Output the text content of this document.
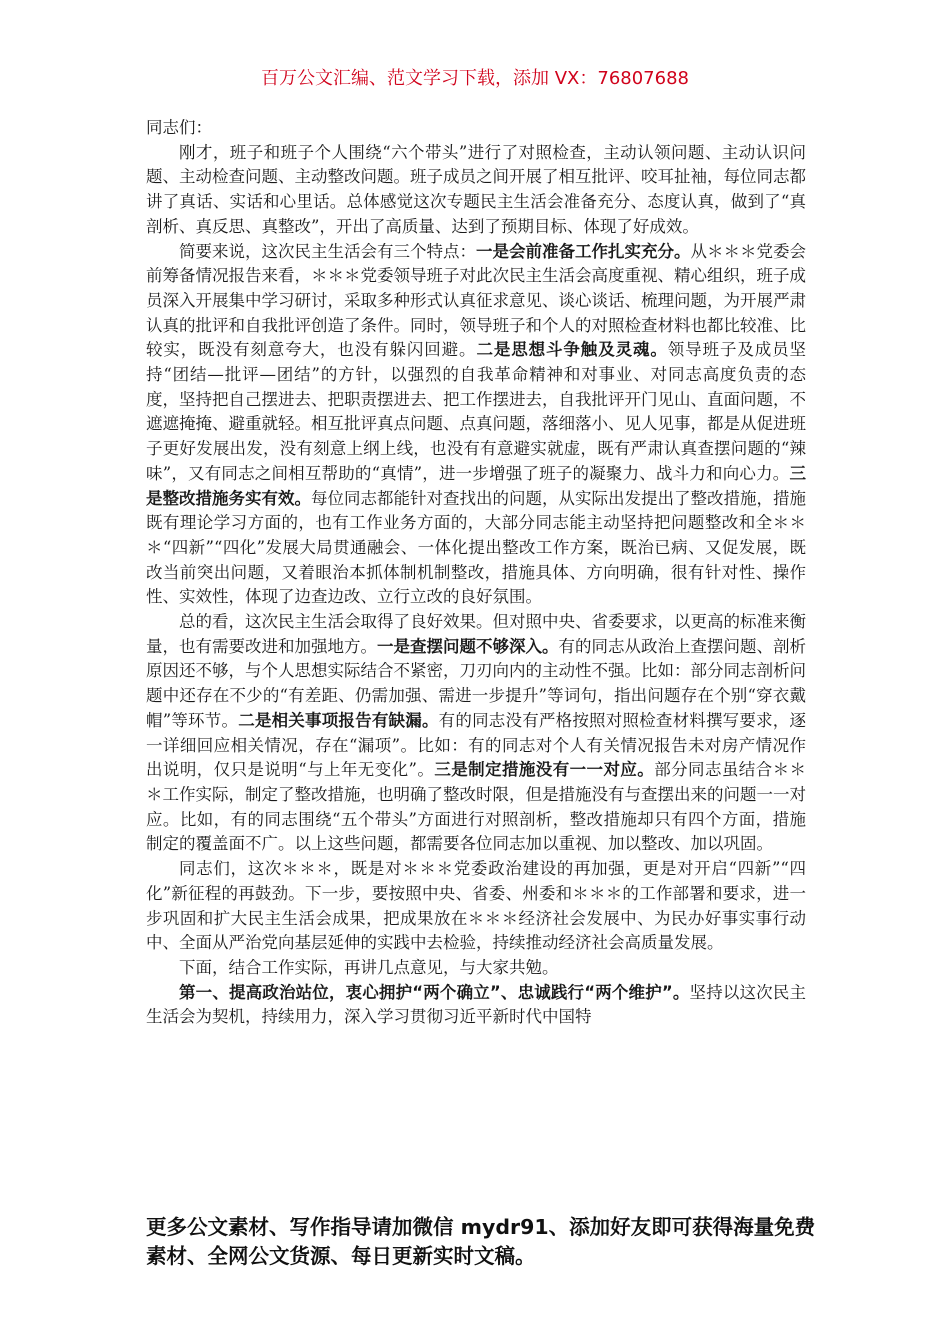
百万公文汇编、范文学习下载，添加 VX：76807688

同志们：

刚才，班子和班子个人围绕“六个带头”进行了对照检查，主动认领问题、主动认识问题、主动检查问题、主动整改问题。班子成员之间开展了相互批评、咬耳扯袖，每位同志都讲了真话、实话和心里话。总体感觉这次专题民主生活会准备充分、态度认真，做到了“真剖析、真反思、真整改”，开出了高质量、达到了预期目标、体现了好成效。

简要来说，这次民主生活会有三个特点：一是会前准备工作扎实充分。从＊＊＊党委会前筹备情况报告来看，＊＊＊党委领导班子对此次民主生活会高度重视、精心组织，班子成员深入开展集中学习研讨，采取多种形式认真征求意见、谈心谈话、梳理问题，为开展严肃认真的批评和自我批评创造了条件。同时，领导班子和个人的对照检查材料也都比较准、比较实，既没有刻意夸大，也没有躲闪回避。二是思想斗争触及灵魂。领导班子及成员坚持“团结—批评—团结”的方针，以强烈的自我革命精神和对事业、对同志高度负责的态度，坚持把自己摆进去、把职责摆进去、把工作摆进去，自我批评开门见山、直面问题，不遮遮掩掩、避重就轻。相互批评真点问题、点真问题，落细落小、见人见事，都是从促进班子更好发展出发，没有刻意上纲上线，也没有有意避实就虚，既有严肃认真查摆问题的“辣味”，又有同志之间相互帮助的“真情”，进一步增强了班子的凝聚力、战斗力和向心力。三是整改措施务实有效。每位同志都能针对查找出的问题，从实际出发提出了整改措施，措施既有理论学习方面的，也有工作业务方面的，大部分同志能主动坚持把问题整改和全＊＊＊“四新”“四化”发展大局贯通融会、一体化提出整改工作方案，既治已病、又促发展，既改当前突出问题，又着眼治本抓体制机制整改，措施具体、方向明确，很有针对性、操作性、实效性，体现了边查边改、立行立改的良好氛围。

总的看，这次民主生活会取得了良好效果。但对照中央、省委要求，以更高的标准来衡量，也有需要改进和加强地方。一是查摆问题不够深入。有的同志从政治上查摆问题、剖析原因还不够，与个人思想实际结合不紧密，刀刃向内的主动性不强。比如：部分同志剖析问题中还存在不少的“有差距、仍需加强、需进一步提升”等词句，指出问题存在个别“穿衣戴帽”等环节。二是相关事项报告有缺漏。有的同志没有严格按照对照检查材料撰写要求，逐一详细回应相关情况，存在“漏项”。比如：有的同志对个人有关情况报告未对房产情况作出说明，仅只是说明“与上年无变化”。三是制定措施没有一一对应。部分同志虽结合＊＊＊工作实际，制定了整改措施，也明确了整改时限，但是措施没有与查摆出来的问题一一对应。比如，有的同志围绕“五个带头”方面进行对照剖析，整改措施却只有四个方面，措施制定的覆盖面不广。以上这些问题，都需要各位同志加以重视、加以整改、加以巩固。

同志们，这次＊＊＊，既是对＊＊＊党委政治建设的再加强，更是对开启“四新”“四化”新征程的再鼓劲。下一步，要按照中央、省委、州委和＊＊＊的工作部署和要求，进一步巩固和扩大民主生活会成果，把成果放在＊＊＊经济社会发展中、为民办好事实事行动中、全面从严治党向基层延伸的实践中去检验，持续推动经济社会高质量发展。

下面，结合工作实际，再讲几点意见，与大家共勉。

第一、提高政治站位，衷心拥护“两个确立”、忠诚践行“两个维护”。坚持以这次民主生活会为契机，持续用力，深入学习贯彻习近平新时代中国特

更多公文素材、写作指导请加微信 mydr91、添加好友即可获得海量免费素材、全网公文货源、每日更新实时文稿。
